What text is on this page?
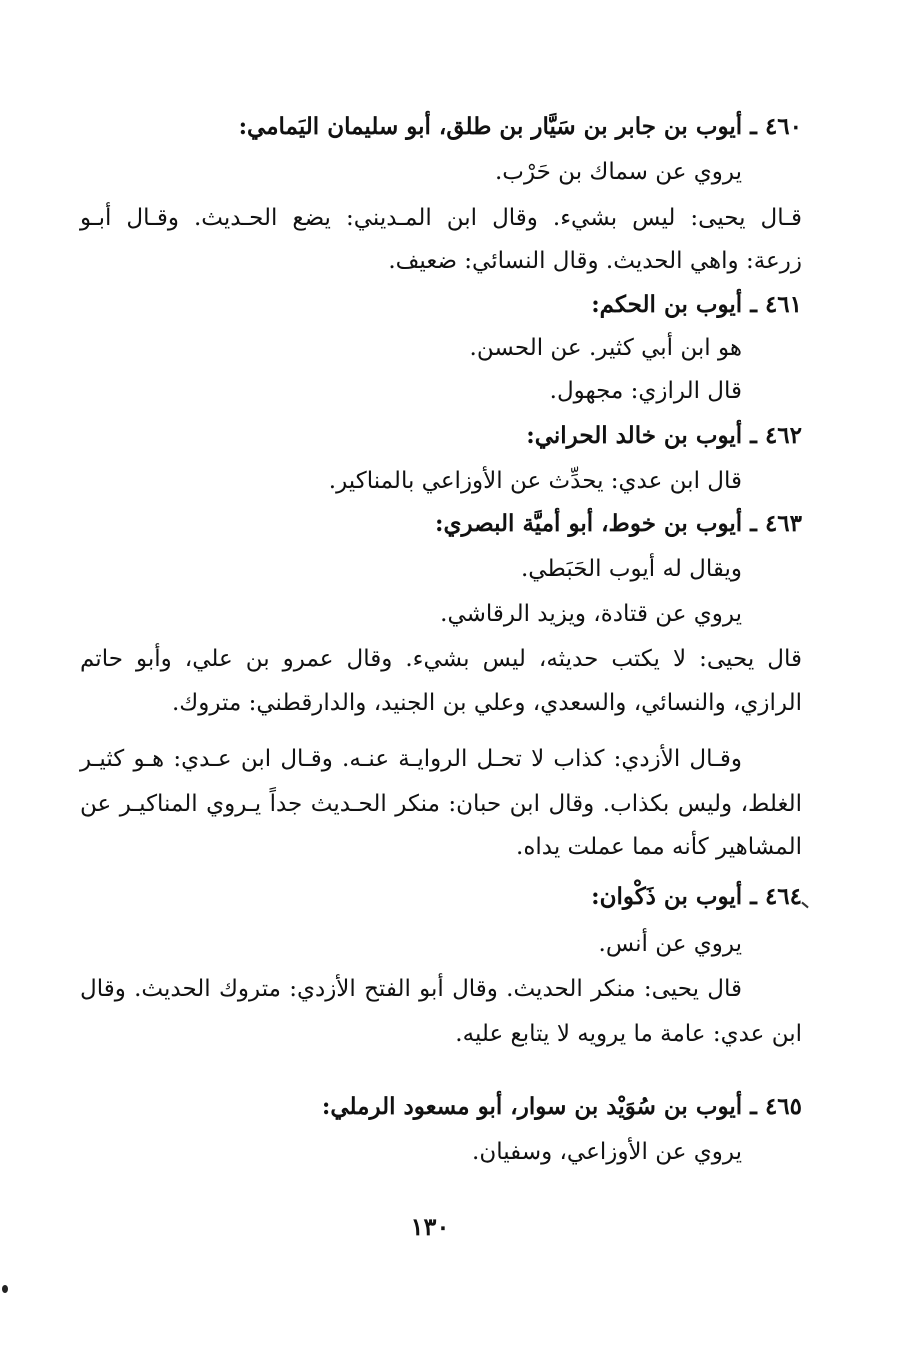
٤٦٠ ـ أيوب بن جابر بن سَيَّار بن طلق، أبو سليمان اليَمامي:
يروي عن سماك بن حَرْب.
قـال يحيى: ليس بشيء. وقال ابن المـديني: يضع الحـديث. وقـال أبـو
زرعة: واهي الحديث. وقال النسائي: ضعيف.
٤٦١ ـ أيوب بن الحكم:
هو ابن أبي كثير. عن الحسن.
قال الرازي: مجهول.
٤٦٢ ـ أيوب بن خالد الحراني:
قال ابن عدي: يحدِّث عن الأوزاعي بالمناكير.
٤٦٣ ـ أيوب بن خوط، أبو أميَّة البصري:
ويقال له أيوب الحَبَطي.
يروي عن قتادة، ويزيد الرقاشي.
قال يحيى: لا يكتب حديثه، ليس بشيء. وقال عمرو بن علي، وأبو حاتم
الرازي، والنسائي، والسعدي، وعلي بن الجنيد، والدارقطني: متروك.
وقـال الأزدي: كذاب لا تحـل الروايـة عنـه. وقـال ابن عـدي: هـو كثيـر
الغلط، وليس بكذاب. وقال ابن حبان: منكر الحـديث جداً يـروي المناكيـر عن
المشاهير كأنه مما عملت يداه.
٤٦٤ ـ أيوب بن ذَكْوان:
يروي عن أنس.
قال يحيى: منكر الحديث. وقال أبو الفتح الأزدي: متروك الحديث. وقال
ابن عدي: عامة ما يرويه لا يتابع عليه.
٤٦٥ ـ أيوب بن سُوَيْد بن سوار، أبو مسعود الرملي:
يروي عن الأوزاعي، وسفيان.
١٣٠
